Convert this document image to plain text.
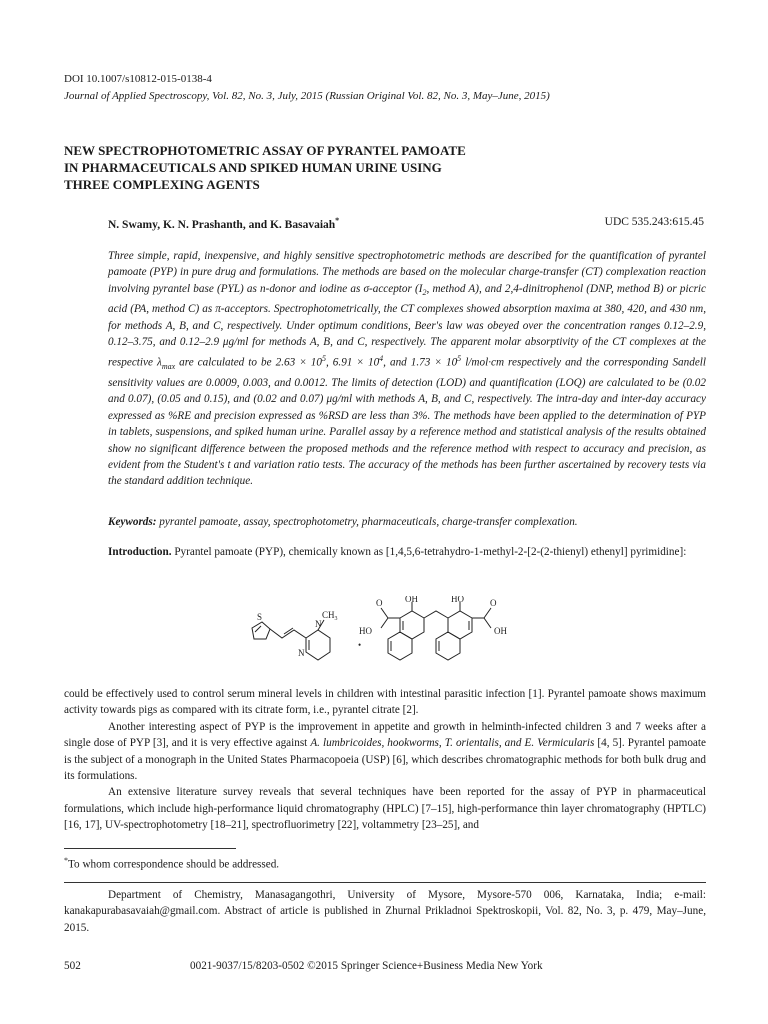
DOI 10.1007/s10812-015-0138-4
Journal of Applied Spectroscopy, Vol. 82, No. 3, July, 2015 (Russian Original Vol. 82, No. 3, May–June, 2015)
NEW SPECTROPHOTOMETRIC ASSAY OF PYRANTEL PAMOATE
IN PHARMACEUTICALS AND SPIKED HUMAN URINE USING
THREE COMPLEXING AGENTS
N. Swamy, K. N. Prashanth, and K. Basavaiah*	UDC 535.243:615.45
Three simple, rapid, inexpensive, and highly sensitive spectrophotometric methods are described for the quantification of pyrantel pamoate (PYP) in pure drug and formulations. The methods are based on the molecular charge-transfer (CT) complexation reaction involving pyrantel base (PYL) as n-donor and iodine as σ-acceptor ($I_2$, method A), and 2,4-dinitrophenol (DNP, method B) or picric acid (PA, method C) as π-acceptors. Spectrophotometrically, the CT complexes showed absorption maxima at 380, 420, and 430 nm, for methods A, B, and C, respectively. Under optimum conditions, Beer's law was obeyed over the concentration ranges 0.12–2.9, 0.12–3.75, and 0.12–2.9 μg/ml for methods A, B, and C, respectively. The apparent molar absorptivity of the CT complexes at the respective $\lambda_{max}$ are calculated to be $2.63 \times 10^5$, $6.91 \times 10^4$, and $1.73 \times 10^5$ l/mol·cm respectively and the corresponding Sandell sensitivity values are 0.0009, 0.003, and 0.0012. The limits of detection (LOD) and quantification (LOQ) are calculated to be (0.02 and 0.07), (0.05 and 0.15), and (0.02 and 0.07) μg/ml with methods A, B, and C, respectively. The intra-day and inter-day accuracy expressed as %RE and precision expressed as %RSD are less than 3%. The methods have been applied to the determination of PYP in tablets, suspensions, and spiked human urine. Parallel assay by a reference method and statistical analysis of the results obtained show no significant difference between the proposed methods and the reference method with respect to accuracy and precision, as evident from the Student's t and variation ratio tests. The accuracy of the methods has been further ascertained by recovery tests via the standard addition technique.
Keywords: pyrantel pamoate, assay, spectrophotometry, pharmaceuticals, charge-transfer complexation.
Introduction. Pyrantel pamoate (PYP), chemically known as [1,4,5,6-tetrahydro-1-methyl-2-[2-(2-thienyl) ethenyl] pyrimidine]:
S	$CH_3$
N
N
•
O	OH
HO
HO	O
OH

could be effectively used to control serum mineral levels in children with intestinal parasitic infection [1]. Pyrantel pamoate shows maximum activity towards pigs as compared with its citrate form, i.e., pyrantel citrate [2].

Another interesting aspect of PYP is the improvement in appetite and growth in helminth-infected children 3 and 7 weeks after a single dose of PYP [3], and it is very effective against A. lumbricoides, hookworms, T. orientalis, and E. Vermicularis [4, 5]. Pyrantel pamoate is the subject of a monograph in the United States Pharmacopoeia (USP) [6], which describes chromatographic methods for both bulk drug and its formulations.

An extensive literature survey reveals that several techniques have been reported for the assay of PYP in pharmaceutical formulations, which include high-performance liquid chromatography (HPLC) [7–15], high-performance thin layer chromatography (HPTLC) [16, 17], UV-spectrophotometry [18–21], spectrofluorimetry [22], voltammetry [23–25], and

*To whom correspondence should be addressed.
Department of Chemistry, Manasagangothri, University of Mysore, Mysore-570 006, Karnataka, India; e-mail: kanakapurabasavaiah@gmail.com. Abstract of article is published in Zhurnal Prikladnoi Spektroskopii, Vol. 82, No. 3, p. 479, May–June, 2015.
502	0021-9037/15/8203-0502 ©2015 Springer Science+Business Media New York
